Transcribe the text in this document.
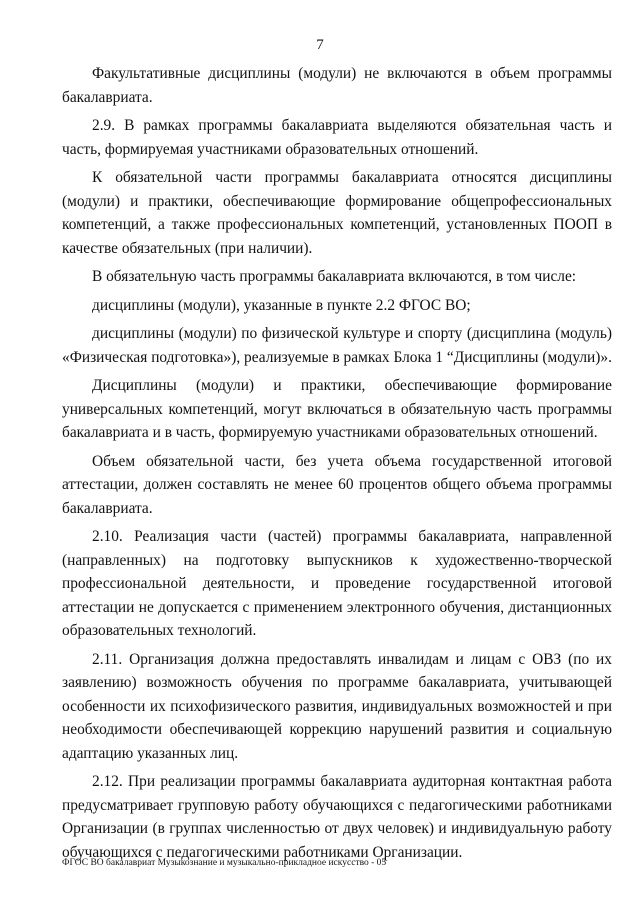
7

Факультативные дисциплины (модули) не включаются в объем программы бакалавриата.

2.9. В рамках программы бакалавриата выделяются обязательная часть и часть, формируемая участниками образовательных отношений.

К обязательной части программы бакалавриата относятся дисциплины (модули) и практики, обеспечивающие формирование общепрофессиональных компетенций, а также профессиональных компетенций, установленных ПООП в качестве обязательных (при наличии).

В обязательную часть программы бакалавриата включаются, в том числе:

дисциплины (модули), указанные в пункте 2.2 ФГОС ВО;

дисциплины (модули) по физической культуре и спорту (дисциплина (модуль) «Физическая подготовка»), реализуемые в рамках Блока 1 “Дисциплины (модули)».

Дисциплины (модули) и практики, обеспечивающие формирование универсальных компетенций, могут включаться в обязательную часть программы бакалавриата и в часть, формируемую участниками образовательных отношений.

Объем обязательной части, без учета объема государственной итоговой аттестации, должен составлять не менее 60 процентов общего объема программы бакалавриата.

2.10. Реализация части (частей) программы бакалавриата, направленной (направленных) на подготовку выпускников к художественно-творческой профессиональной деятельности, и проведение государственной итоговой аттестации не допускается с применением электронного обучения, дистанционных образовательных технологий.

2.11. Организация должна предоставлять инвалидам и лицам с ОВЗ (по их заявлению) возможность обучения по программе бакалавриата, учитывающей особенности их психофизического развития, индивидуальных возможностей и при необходимости обеспечивающей коррекцию нарушений развития и социальную адаптацию указанных лиц.

2.12. При реализации программы бакалавриата аудиторная контактная работа предусматривает групповую работу обучающихся с педагогическими работниками Организации (в группах численностью от двух человек) и индивидуальную работу обучающихся с педагогическими работниками Организации.

ФГОС ВО бакалавриат Музыкознание и музыкально-прикладное искусство - 05
